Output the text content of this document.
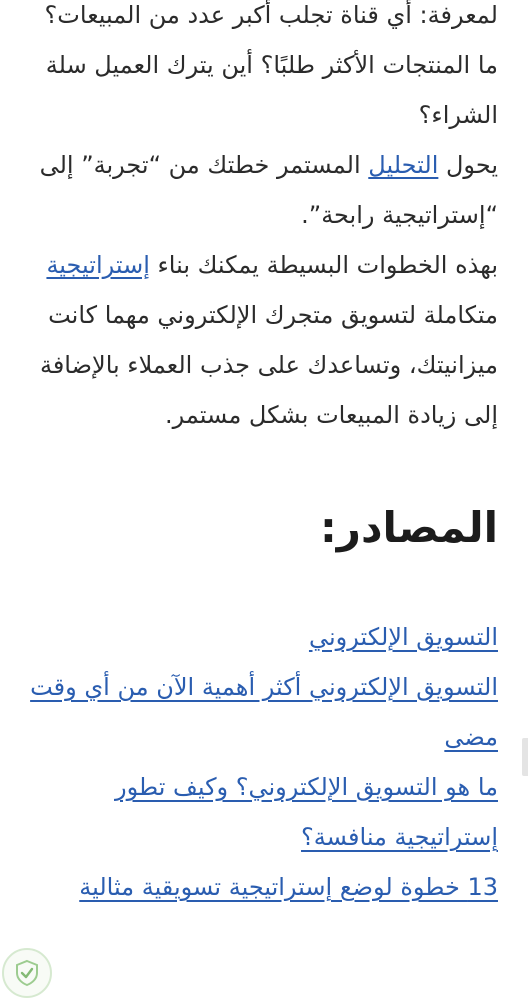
لمعرفة: أي قناة تجلب أكبر عدد من المبيعات؟ ما المنتجات الأكثر طلبًا؟ أين يترك العميل سلة الشراء؟

يحول التحليل المستمر خطتك من “تجربة” إلى “إستراتيجية رابحة”.

بهذه الخطوات البسيطة يمكنك بناء إستراتيجية متكاملة لتسويق متجرك الإلكتروني مهما كانت ميزانيتك، وتساعدك على جذب العملاء بالإضافة إلى زيادة المبيعات بشكل مستمر.

المصادر:
التسويق الإلكتروني
التسويق الإلكتروني أكثر أهمية الآن من أي وقت مضى
ما هو التسويق الإلكتروني؟ وكيف تطور إستراتيجية منافسة؟
13 خطوة لوضع إستراتيجية تسويقية مثالية
